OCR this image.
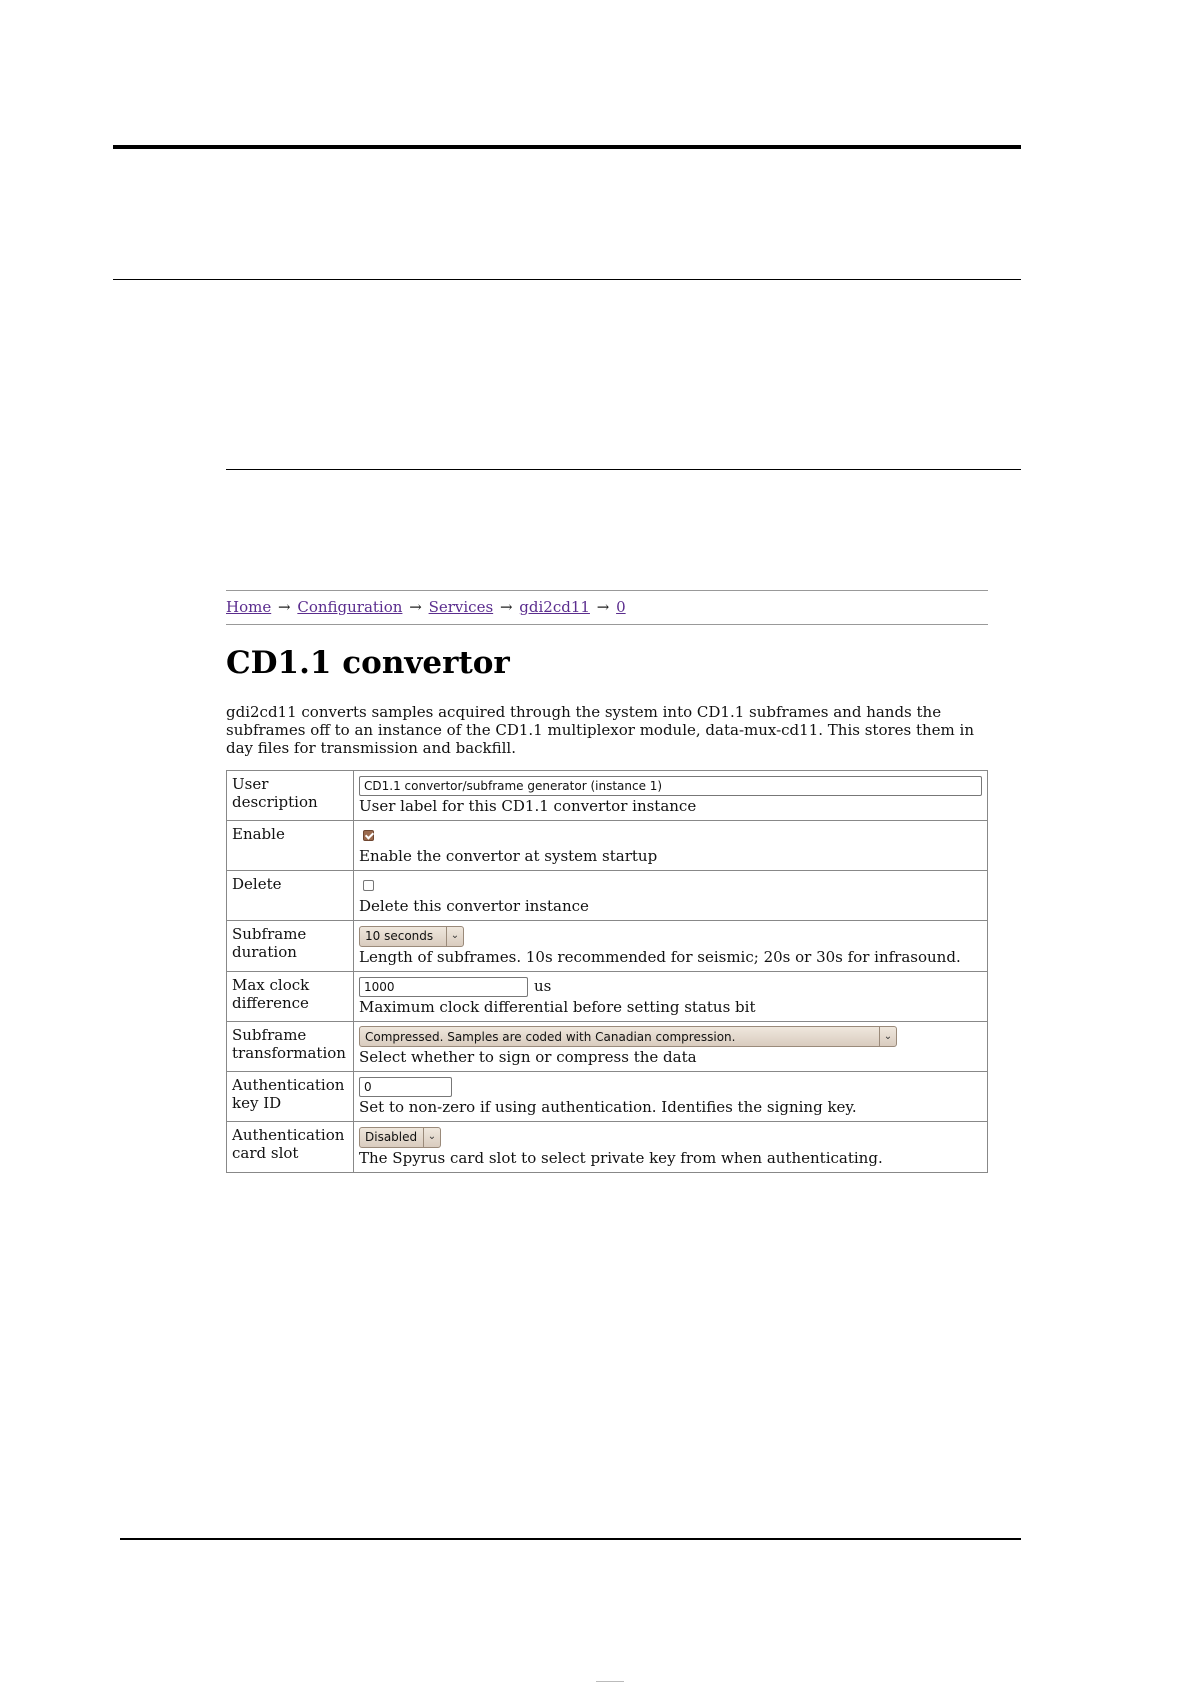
Home → Configuration → Services → gdi2cd11 → 0
CD1.1 convertor

gdi2cd11 converts samples acquired through the system into CD1.1 subframes and hands the subframes off to an instance of the CD1.1 multiplexor module, data-mux-cd11. This stores them in day files for transmission and backfill.

User description	CD1.1 convertor/subframe generator (instance 1)
User label for this CD1.1 convertor instance

Enable	Enable the convertor at system startup

Delete	Delete this convertor instance

Subframe duration	10 seconds ⌄
Length of subframes. 10s recommended for seismic; 20s or 30s for infrasound.

Max clock difference	1000us
Maximum clock differential before setting status bit

Subframe transformation	Compressed. Samples are coded with Canadian compression. ⌄
Select whether to sign or compress the data

Authentication key ID	0
Set to non-zero if using authentication. Identifies the signing key.

Authentication card slot	Disabled ⌄
The Spyrus card slot to select private key from when authenticating.
